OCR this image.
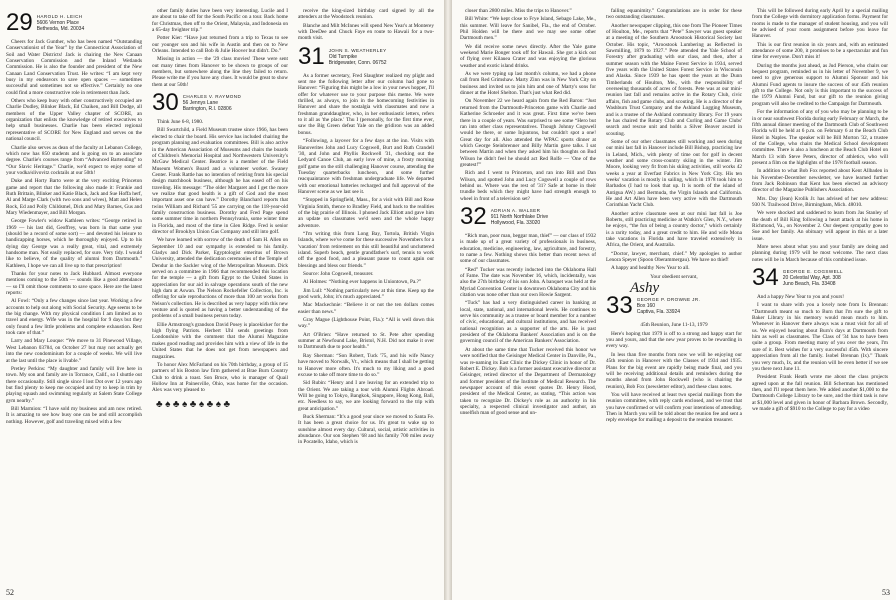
29 HAROLD H. LEICH
5606 Vernon Place
Bethesda, Md. 20034

Cheers for Jack Gunther, who has been named “Outstanding Conservationist of the Year” by the Connecticut Association of Soil and Water Districts! Jack is chairing the New Canaan Conservation Commission and the Inland Wetlands Commission. He is also the founder and president of the New Canaan Land Conservation Trust. He writes: “I am kept very busy in my endeavors to save open spaces — sometimes successful and sometimes not so effective.” Certainly no one could find a more constructive role in retirement than Jack.

Others who keep busy with other constructively occupied are Charlie Dudley, Blinker Black, Ed Chaiken, and Bill Dodge, all members of the Upper Valley chapter of SCORE, an organization that enlists the knowledge of retired executives to help small businesses. Charlie has been elected regional representative of SCORE for New England and serves on the national council.

Charlie also serves as dean of the faculty at Lebanon College, which now has 850 students and is going on to an associate degree. Charlie's courses range from “Advanced Bartending” to “Our Slavic Heritage.” Charlie, we'd expect to enjoy some of your vodka/slivovitz cocktails at our 50th!

Duke and Horty Barto were at the very exciting Princeton game and report that the following also made it: Frankie and Ruth Brittain, Blinker and Katie Black, Jack and Sue Hoffa herf, Al and Marge Clark (with two sons and wives), Matt and Helen Rock, Ed and Polly Childsmel, Dick and Mary Barnes, Gus and Mary Wiedenmayer, and Bill Morgan.

George Fowler's widow Kathleen writes: “George retired in 1969 — his last did, Geoffrey, was born in that same year (should be a record of some sort) — and devoted his leisure to handicapping horses, which he thoroughly enjoyed. Up to his dying day George was a really great, vital, and extremely handsome man. Not easily replaced, for sure. Very tidy. I would like to believe, of the quality of alumni from Dartmouth.” Kathleen, I hope we can all live up to that prescription!

Thanks for your notes to Jack Hubbard. Almost everyone mentions coming to the 50th — sounds like a good attendance — so I'll omit those comments to save space. Here are the latest reports:

Al Fowl: “Only a few changes since last year. Working a few accounts to help out along with Social Security. Age seems to be the big change. With my physical condition I am limited as to travel and energy. Wife was in the hospital for 9 days but they only found a few little problems and complete exhaustion. Rest took care of that.”

Larry and Mary Louque: “We move to 31 Pinewood Village, West Lebanon 03784, on October 27 but may not actually get into the new condominium for a couple of weeks. We will live at the last until the place is livable.”

Pretley Perkins: “My daughter and family will live here in town. My son and family are in Torrance, Calif., so I shuttle out there occasionally. Still single since I lost Dot over 12 years ago but find plenty to keep me occupied and try to keep in trim by playing squash and swimming regularly at Salem State College gym nearby.”

Bill Marmion: “I have sold my business and am now retired. It is amazing to see how busy one can be and still accomplish nothing. However, golf and traveling mixed with a few

other family duties have been very interesting. Lucile and I are about to take off for the South Pacific on a tour. Back home for Christmas, then off to the Orient, Malaysia, and Indonesia on a 65-day freighter trip.”

Potter Kier: “Have just returned from a trip to Texas to see our younger son and his wife in Austin and then on to New Orleans. Intended to call Bob & Julie Hoover but didn't. Do.”

Missing in action — the '29 class movies! These were sent out many times from Hanover to be shown to groups of our members, but somewhere along the line they failed to return. Please write me if you have any clues. It would be great to show them at our 50th!

30 CHARLES V. RAYMOND
56 Jennys Lane
Barrington, R.I. 02806

Think June 6-8, 1980.

Bill Swartchild, a Field Museum trustee since 1966, has been elected to chair the board. His service has included chairing the program planning and evaluation committees. Bill is also active in the American Association of Museums and chairs the boards of Children's Memorial Hospital and Northwestern University's McGaw Medical Center. Beatrice is a member of the Field Museum Women's Board and a volunteer worker. Swaney Center. Frank Rattle has no intention of retiring from his special design matchbook business, although he has eased off on his traveling. His message: “The older Margaret and I get the more we realize that good health is a gift of God and the most important asset one can have.” Dorothy Blanchard reports that twins William and Richard '55 are carrying on the 118-year-old family construction business. Dorothy and Fred Page spend some summer time in northern Pennsylvania, some winter time in Florida, and most of the time in Glen Ridge. Fred is senior director of Brooklyn Union Gas Company and still into golf.

We have learned with sorrow of the death of Sam H. Allen on September 10 and our sympathy is extended to his family. Gladys and Dick Parker, Egyptologist emeritus of Brown University, attended the dedication ceremonies of the Temple of Dendur in the Sackler wing of the Metropolitan Museum. Dick served on a committee in 1966 that recommended this location for the temple — a gift from Egypt to the United States in appreciation for our aid in salvage operations south of the new high dam at Aswan. The Nelson Rockefeller Collection, Inc. is offering for sale reproductions of more than 100 art works from Nelson's collection. He is described as very happy with this new venture and is quoted as having a better understanding of the problems of a small business person today.

Ellie Armstrong's grandson David Posey is placekicker for the high flying Patriots. Herbert Uhl sends greetings from Londonshire with the comment that the Alumni Magazine makes good reading and provides him with a view of life in the United States that he does not get from newspapers and magazines.

To honor Alex McFarland on his 70th birthday, a group of 15 partners of his Boston law firm gathered at Brae Burn Country Club to drink a toast. Son Bruce, who is manager of Quail Hollow Inn at Painesville, Ohio, was home for the occasion. Alex was very pleased to

♣ ♠ ♣ ♠ ♣ ♠ ♣ ♠ ♣

receive the king-sized birthday card signed by all the attenders at the Woodstock reunion.

Blanche and Milt McInnes will spend New Year's at Monterey with DeeDee and Chuck Faye en route to Hawaii for a two-month visit.

31 JOHN S. WEATHERLEY
Old Turnpike
Bridgewater, Conn. 06752

As a former secretary, Fred Slaughter realized my plight and sent me the following letter after our column had gone to Hanover: “Figuring this might be a low in your news hopper, I'll offer for whatever use to your purpose this meme. We were thrilled, as always, to join in the homecoming festivities in Hanover and share the nostalgia with classmates and now a freshman granddaughter, who, in her enthusiastic letters, refers to it all as 'the place.' Thu I (personally, for the first time ever, saw the Big Green defeat Yale on the gridiron was an added bonus.

“Following, a layover for a few days at the inn. Visits with Hanoverites John and Lucy Cogswell, Burt and Ruth Crandell '30, and John and Phyllis Rockwell '31, checking out the Ledyard Canoe Club, an early love of mine, a frosty morning golf game on the still challenging Hanover course, attending the Tuesday quarterbacks luncheon, and some further reacquaintance with freshman undergraduate life. We departed with our emotional batteries recharged and full approval of the Hanover scene as we last see it.

“Stopped in Springfield, Mass., for a visit with Bill and Rose Virginia Smith, thence to Bradley Field, and back to the realities of the big prairie of Illinois. I phoned Jack Elliott and gave him an update on classmates we'd seen and the whole happy adventure.

“I'm writing this from Long Bay, Tortola, British Virgin Islands, where we've come for these successive Novembers for a 'vacation' from retirement on this still beautiful and uncluttered island. Superb beach, gentle grandfather's surf, tennis to work off the good food, and a pleasant pause to count again our blessings and bless our friends.”

Source: John Cogswell, treasurer.

Al Holmes: “Nothing ever happens in Uniontown, Pa.?”

Jim Lull: “Nothing particularly new at this time. Keep up the good work, John; it's much appreciated.”

Mac Mackechnie: “Believe it or not the ten dollars comes easier than news.”

Gray Mague (Lighthouse Point, Fla.): “All is well down this way.”

Art O'Brien: “Have returned to St. Pete after spending summer at Newfound Lake, Bristol, N.H. Did not make it over to Dartmouth due to poor health.”

Ray Sherman: “Son Robert, Tuck '75, and his wife Nancy have moved to Norwalk, Vt., which means that I shall be getting to Hanover more often. It's much to my liking and a good excuse to take off more time to do so.”

Sid Rubin: “Henry and I are leaving for an extended trip to the Orient. We are taking a tour with Alumni Flights Abroad. Will be going to Tokyo, Bangkok, Singapore, Hong Kong, Bali, etc. Needless to say, we are looking forward to the trip with great anticipation.”

Buck Sherman: “It's a good year since we moved to Santa Fe. It has been a great choice for us. It's great to wake up to sunshine almost every day. Cultural, social, artistic activities in abundance. Our son Stephen '68 and his family 700 miles away in Pocatello, Idaho, which is

52

closer than 2800 miles. Miss the trips to Hanover.”

Bill White: “We kept close to Frye Island, Sebago Lake, Me., this summer. Will leave for Sanibel, Fla., the end of October. Phil Holden will be there and we may see some other Dartmouth men.”

We did receive some news directly. After the Yale game weekend Marie Bonger took off for Hawaii. She got a kick out of flying over Kilauea Crater and was enjoying the glorious weather and exotic island drinks.

As we were typing up last month's column, we had a phone call from Red Grimshaw. Marty Zinn was in New York City on business and invited us to join him and one of Marty's sons for dinner at the Hotel Shelton. That's just what Red did.

On November 22 we heard again from the Red Baron: “Just returned from the Dartmouth-Princeton game with Charlie and Katherine Schroeder and it was great. First time we've been there in a couple of years. Was surprised to see some “Hero but ran into other class representatives. Though Johnny Cogswell would be there, or some Injuntons, but couldn't spot a one! Great day for all. Also attended the WPAC sports dinner at which George Steinbrenner and Billy Martin gave talks. I sat between Martin and when they asked him his thoughts on Bud Wilson he didn't feel he should act Red Rolfe — 'One of the greatest!'”

Rich and I went to Princeton, and ran into Bill and Dan Wilson, and spotted John and Lucy Cogswell a couple of rows behind us. Where was the rest of '31? Safe at home in their trundle beds which they might have had strength enough to wheel in front of a television set?

32 ADRIAN A. WALSER
911 North Northlake Drive
Hollywood, Fla. 33020

“Rich man, poor man, beggar man, thief” — our class of 1932 is made up of a great variety of professionals in business, education, medicine, engineering, law, agriculture, and forestry, to name a few. Nothing shows this better than recent news of some of our classmates.

“Red” Tucker was recently inducted into the Oklahoma Hall of Fame. The date was November 16, which, incidentally, was also the 27th birthday of his son John. A banquet was held at the Myriad Convention Center in downtown Oklahoma City and his citation was none other than our own Howie Sargent.

“Tuck” has had a very distinguished career in banking at local, state, national, and international levels. He continues to serve his community as a trustee or board member for a number of civic, educational, and cultural institutions, and has received national recognition as a supporter of the arts. He is past president of the Oklahoma Bankers' Association and is on the governing council of the American Bankers' Association.

At about the same time that Tucker received this honor we were notified that the Geisinger Medical Center in Danville, Pa., was re-naming its East Clinic the Dickey Clinic in honor of Dr. Robert E. Dickey. Bob is a former assistant executive director at Geisinger, retired director of the Department of Dermatology and former president of the Institute of Medical Research. The newspaper account of this event quotes Dr. Henry Hood, president of the Medical Center, as stating, “This action was taken to recognize Dr. Dickey's role as an authority in his specialty, a respected clinical investigator and author, an unselfish man of good sense and un-

failing equanimity.” Congratulations are in order for these two outstanding classmates.

Another newspaper clipping, this one from The Pioneer Times of Houlton, Me., reports that “Pete” Sawyer was guest speaker at a meeting of the Southern Aroostook Historical Society last October. His topic, “Aroostook Lumbering as Reflected in Sawmilling, 1879 to 1927.” Pete attended the Yale School of Forestry after graduating with our class, and then, after a summer season with the Maine Forest Service in 1934, served five years with the United States Forest Service in Wisconsin and Alaska. Since 1939 he has spent the years at the Dunn Timberlands of Houlton, Me., with the responsibility of overseeing thousands of acres of forests. Pete was at our mini-reunion last fall and remains active in the Rotary Club, civic affairs, fish and game clubs, and scouting. He is a director of the Washburn Trust Company and the Ashland Logging Museum, and is a trustee of the Ashland community library. For 19 years he has chaired the Rotary Club and Curling and Game Clubs' search and rescue unit and holds a Silver Beaver award in scouting.

Some of our other classmates still working and seen during our mini last fall in Hanover include Bill Bishop, practicing law in Leland, Mich., with plenty of time out for golf in decent weather and some cross-country skiing in the winter. Jim Moore, looking very fit from his skiing activities, still works 42 weeks a year at Everfast Fabrics in New York City. His ten weeks' vacation is mostly in sailing, which in 1978 took him to Barbados (I had to look that up. It is north of the island of Antigua AW.) and Bermuda, the Virgin Islands and California. He and Art Allen have been very active with the Dartmouth Corinthian Yacht Club.

Another active classmate seen at our mini last fall is Joe Roberts, still practicing medicine at Watkin's Glen, N.Y., where he enjoys, “the fun of being a country doctor,” which certainly is a rarity today, and a great credit to him. He and wife Mona take vacations in Florida and have traveled extensively in Africa, the Orient, and Australia.

“Doctor, lawyer, merchant, chief.” My apologies to author Lenora Speyer (Spoon Oberammergau). We have no thief!

A happy and healthy New Year to all.

Your obedient servant,

Ashy
33 GEORGE P. DROWNE JR.
Box 160
Captiva, Fla. 33924

45th Reunion, June 11-13, 1979

Here's hoping that 1979 is off to a strong and happy start for you and yours, and that the new year proves to be rewarding in every way.

In less than five months from now we will be enjoying our 45th reunion in Hanover with the Classes of 1934 and 1935. Plans for the big event are rapidly being made final, and you will be receiving additional details and reminders during the months ahead from John Rockwell (who is chairing the reunion), Bob Fox (newsletter editor), and these class notes.

You will have received at least two special mailings from the reunion committee, with reply cards enclosed, and we trust that you have confirmed or will confirm your intentions of attending. Then in March you will be told about the reunion fee and sent a reply envelope for mailing a deposit to the reunion treasurer.

This will be followed during early April by a special mailing from the College with dormitory application forms. Payment for rooms is made to the manager of student housing, and you will be advised of your room assignment before you leave for Hanover.

This is our first reunion in six years and, with an estimated attendance of some 200, it promises to be a spectacular and fun time for everyone. Don't miss it!

During the months just ahead, as Jud Pierson, who chairs our bequest program, reminded us in his letter of November 9, we need to give generous support to Alumni Sponsor and his Alumni Fund agents to insure the success of our 45th reunion gift to the College. Not only is this important to the success of the 1979 Alumni Fund, but our gift to the reunion giving program will also be credited to the Campaign for Dartmouth.

For the information of any of you who may be planning to be in or near southwest Florida during early February or March, the fifth annual dinner meeting of the Dartmouth Club of Southwest Florida will be held at 6 p.m. on February 6 at the Beach Club Hotel in Naples. The speaker will be Bill Morton '32, a trustee of the College, who chairs the Medical School development committee. There is also a luncheon at the Beach Club Hotel on March 13 with Steve Peters, director of athletics, who will present a film on the highlights of the 1978 football season.

In addition to what Bob Fox reported about Kent Allbaden in his November-December newsletter, we have learned further from Jack Robinson that Kent has been elected an advisory director of the Magazine Publishers Association.

Mrs. Day (Jean) Krolik Jr. has advised of her new address: 930 N. Trailwood Drive, Birmingham, Mich. 48010.

We were shocked and saddened to learn from Jas Stanley of the death of Bill King following a heart attack at his home in Richmond, Va., on November 2. Our deepest sympathy goes to Sue and her family. An obituary will appear in this or a later issue.

More news about what you and your family are doing and planning during 1979 will be most welcome. The next class notes will be in March because of this combined issue.

34 GEORGE E. COGSWELL
20 Celestial Way, Apt. 308
Juno Beach, Fla. 33408

And a happy New Year to you and yours!

I want to share with you a lovely note from Ix Brennan: “Dartmouth meant so much to Burn that I'm sure the gift to Baker Library in his memory would mean much to him. Whenever in Hanover there always was a must visit for all of us. We enjoyed hearing about Burn's days at Dartmouth from him as well as classmates. The Class of '34 has to have been quite a group. From meeting many of you over the years, I'm sure of it. Best wishes for a very successful 45th. With sincere appreciation from all the family. Isobel Brennan (Ix).” Thank you very much, Ix, and the reunion will be even better if we see you there next June 11.

President Frank Heath wrote me about the class projects agreed upon at the fall reunion. Bill Scherman has mentioned then, and I'll repeat them here. We added another $1,000 to the Dartmouth College Library to be sure, and the third task is now at $1,000 level and given in honor of Barbara Brown. Secondly, we made a gift of $910 to the College to pay for a video

53
